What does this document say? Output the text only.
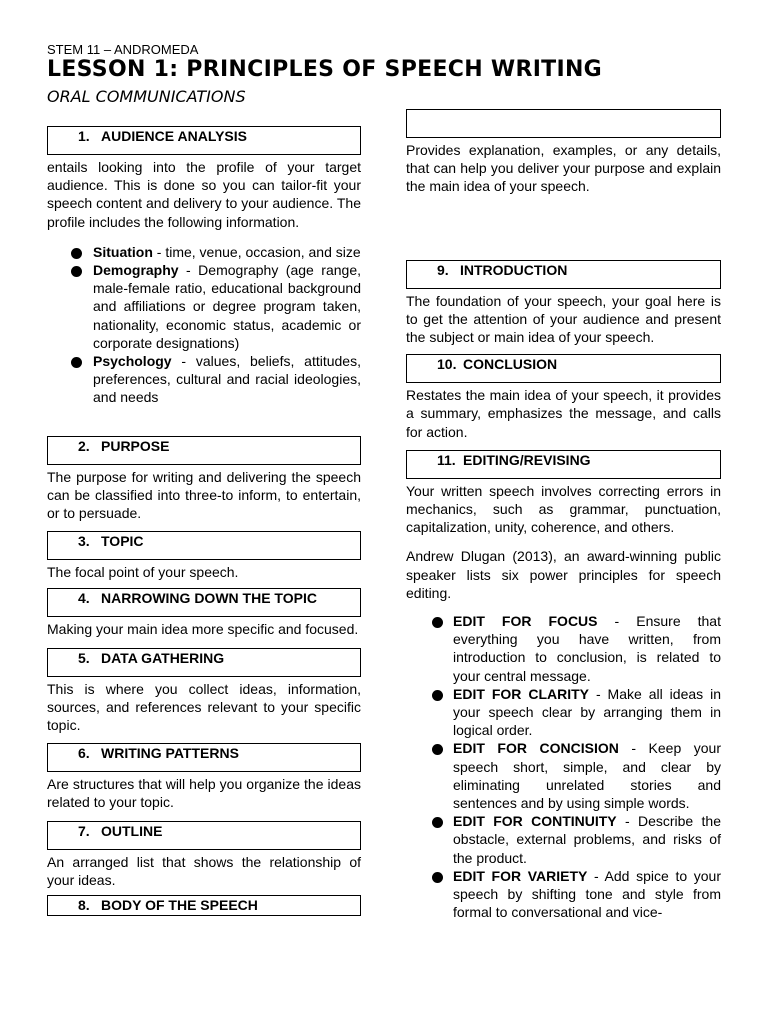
STEM 11 – ANDROMEDA
LESSON 1: PRINCIPLES OF SPEECH WRITING
ORAL COMMUNICATIONS
1. AUDIENCE ANALYSIS
entails looking into the profile of your target audience. This is done so you can tailor-fit your speech content and delivery to your audience. The profile includes the following information.
Situation - time, venue, occasion, and size
Demography - Demography (age range, male-female ratio, educational background and affiliations or degree program taken, nationality, economic status, academic or corporate designations)
Psychology - values, beliefs, attitudes, preferences, cultural and racial ideologies, and needs
2. PURPOSE
The purpose for writing and delivering the speech can be classified into three-to inform, to entertain, or to persuade.
3. TOPIC
The focal point of your speech.
4. NARROWING DOWN THE TOPIC
Making your main idea more specific and focused.
5. DATA GATHERING
This is where you collect ideas, information, sources, and references relevant to your specific topic.
6. WRITING PATTERNS
Are structures that will help you organize the ideas related to your topic.
7. OUTLINE
An arranged list that shows the relationship of your ideas.
8. BODY OF THE SPEECH
Provides explanation, examples, or any details, that can help you deliver your purpose and explain the main idea of your speech.
9. INTRODUCTION
The foundation of your speech, your goal here is to get the attention of your audience and present the subject or main idea of your speech.
10. CONCLUSION
Restates the main idea of your speech, it provides a summary, emphasizes the message, and calls for action.
11. EDITING/REVISING
Your written speech involves correcting errors in mechanics, such as grammar, punctuation, capitalization, unity, coherence, and others.
Andrew Dlugan (2013), an award-winning public speaker lists six power principles for speech editing.
EDIT FOR FOCUS - Ensure that everything you have written, from introduction to conclusion, is related to your central message.
EDIT FOR CLARITY - Make all ideas in your speech clear by arranging them in logical order.
EDIT FOR CONCISION - Keep your speech short, simple, and clear by eliminating unrelated stories and sentences and by using simple words.
EDIT FOR CONTINUITY - Describe the obstacle, external problems, and risks of the product.
EDIT FOR VARIETY - Add spice to your speech by shifting tone and style from formal to conversational and vice-
